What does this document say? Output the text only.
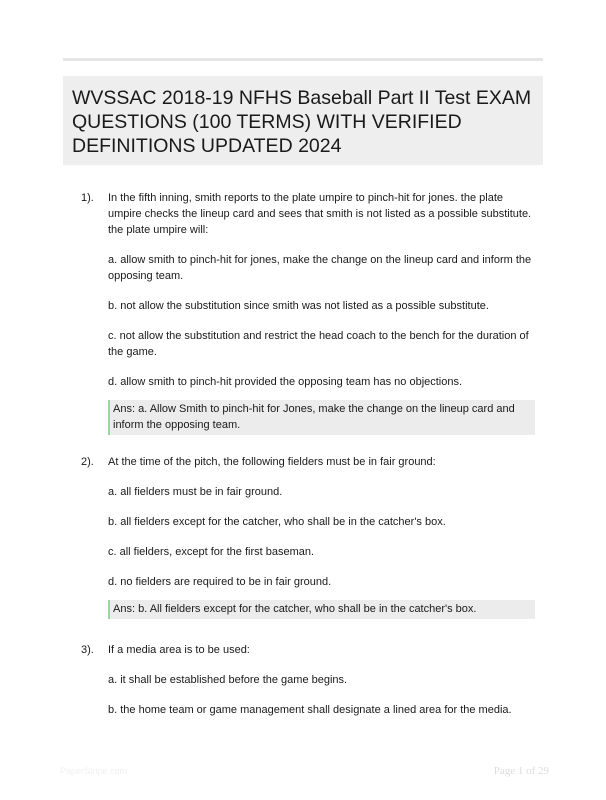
WVSSAC 2018-19 NFHS Baseball Part II Test EXAM QUESTIONS (100 TERMS) WITH VERIFIED DEFINITIONS UPDATED 2024
1). In the fifth inning, smith reports to the plate umpire to pinch-hit for jones. the plate umpire checks the lineup card and sees that smith is not listed as a possible substitute. the plate umpire will:

a. allow smith to pinch-hit for jones, make the change on the lineup card and inform the opposing team.

b. not allow the substitution since smith was not listed as a possible substitute.

c. not allow the substitution and restrict the head coach to the bench for the duration of the game.

d. allow smith to pinch-hit provided the opposing team has no objections.

Ans: a. Allow Smith to pinch-hit for Jones, make the change on the lineup card and inform the opposing team.
2). At the time of the pitch, the following fielders must be in fair ground:

a. all fielders must be in fair ground.

b. all fielders except for the catcher, who shall be in the catcher's box.

c. all fielders, except for the first baseman.

d. no fielders are required to be in fair ground.

Ans: b. All fielders except for the catcher, who shall be in the catcher's box.
3). If a media area is to be used:

a. it shall be established before the game begins.

b. the home team or game management shall designate a lined area for the media.

PaperStripe.com	Page 1 of 29
